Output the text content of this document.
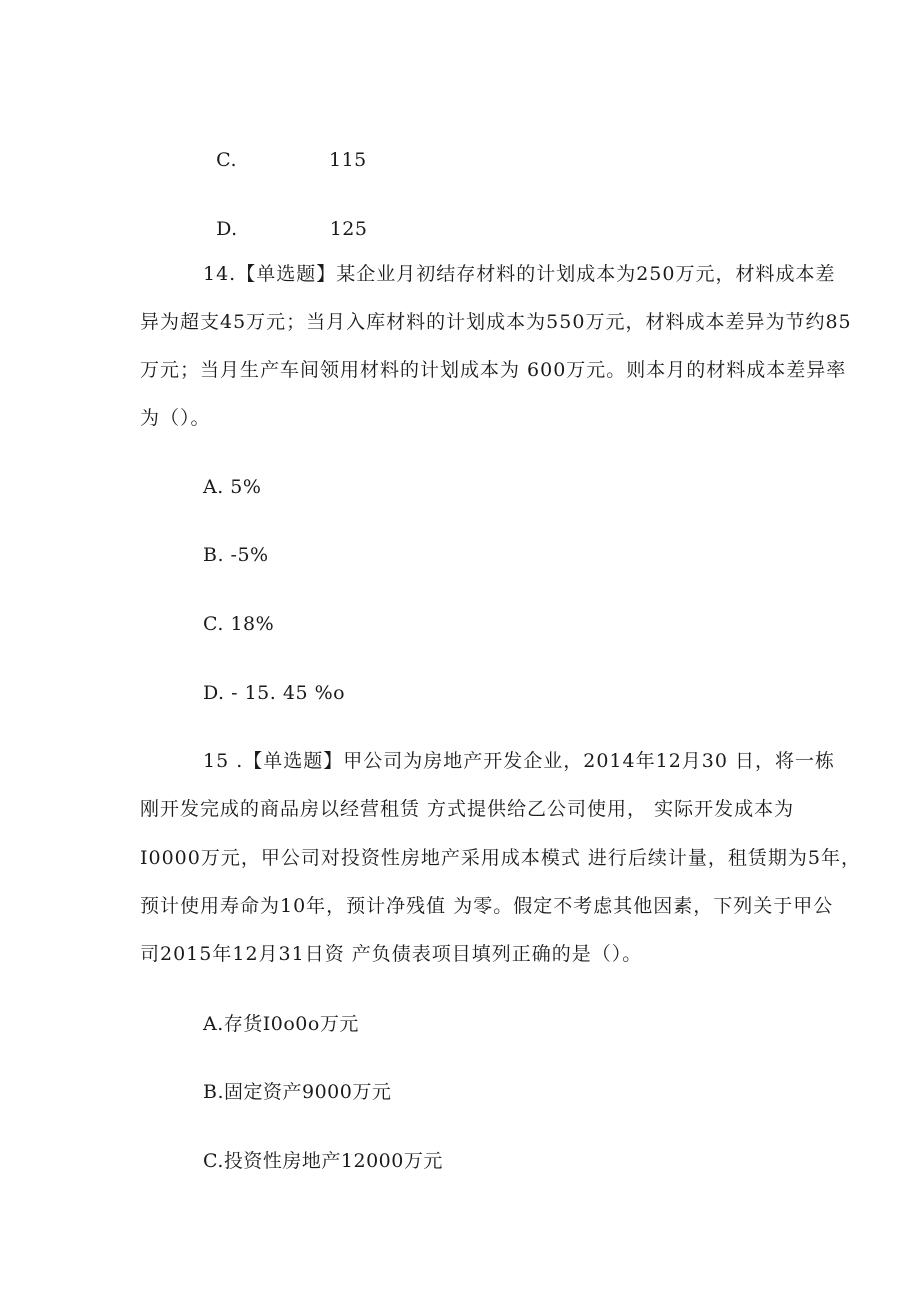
C.	115

D.	125

14.【单选题】某企业月初结存材料的计划成本为250万元，材料成本差
异为超支45万元；当月入库材料的计划成本为550万元，材料成本差异为节约85
万元；当月生产车间领用材料的计划成本为 600万元。则本月的材料成本差异率
为（）。
A. 5%
B. -5%
C. 18%
D. - 15. 45 %o
15 .【单选题】甲公司为房地产开发企业，2014年12月30 日，将一栋
刚开发完成的商品房以经营租赁 方式提供给乙公司使用， 实际开发成本为
I0000万元，甲公司对投资性房地产采用成本模式 进行后续计量，租赁期为5年，
预计使用寿命为10年，预计净残值 为零。假定不考虑其他因素，下列关于甲公
司2015年12月31日资 产负债表项目填列正确的是（）。
A.存货I0o0o万元
B.固定资产9000万元
C.投资性房地产12000万元
